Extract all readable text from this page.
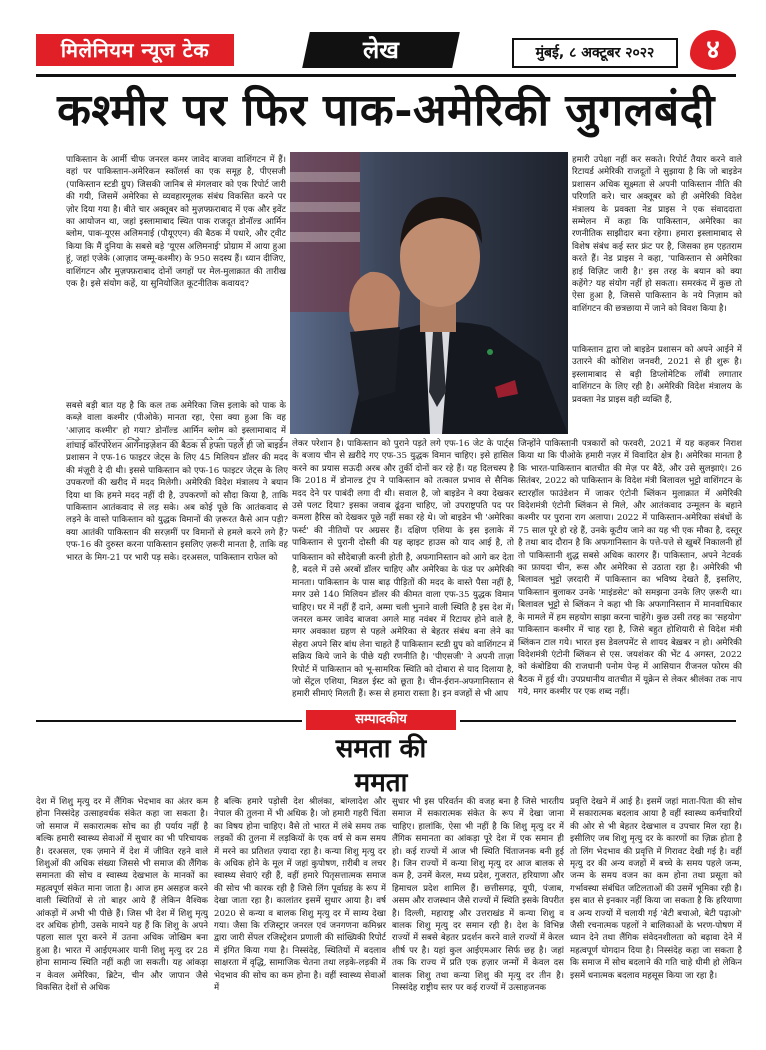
मिलेनियम न्यूज टेक	लेख	मुंबई, ८ अक्टूबर २०२२	४
कश्मीर पर फिर पाक-अमेरिकी जुगलबंदी
पाकिस्तान के आर्मी चीफ जनरल कमर जावेद बाजवा वाशिंगटन में हैं। वहां पर पाकिस्तान-अमेरिकन स्कॉलर्स का एक समूह है, पीएसजी (पाकिस्तान स्टडी ग्रुप) जिसकी जानिब से मंगलवार को एक रिपोर्ट जारी की गयी, जिसमें अमेरिका से व्यवहारमूलक संबंध विकसित करने पर ज़ोर दिया गया है। बीते चार अक्तूबर को मुज़फ्फ़राबाद में एक और इवेंट का आयोजन था, जहां इस्लामाबाद स्थित पाक राजदूत डोनॉल्ड आर्मिन ब्लोम, पाक-यूएस अलिमनाई (पौयूएएन) की बैठक में पधारे, और ट्वीट किया कि मैं दुनिया के सबसे बड़े 'यूएस अलिमनाई' प्रोग्राम में आया हुआ हूं, जहां एजेके (आज़ाद जम्मू-कश्मीर) के 950 सदस्य हैं। ध्यान दीजिए, वाशिंगटन और मुज़फ्फ़राबाद दोनों जगहों पर मेल-मुलाक़ात की तारीख एक है। इसे संयोग कहें, या सुनियोजित कूटनीतिक कवायद?
हमारी उपेक्षा नहीं कर सकते। रिपोर्ट तैयार करने वाले रिटायर्ड अमेरिकी राजदूतों ने सुझाया है कि जो बाइडेन प्रशासन अधिक सूक्ष्मता से अपनी पाकिस्तान नीति की परिणति करे। चार अक्तूबर को ही अमेरिकी विदेश मंत्रालय के प्रवक्ता नेड प्राइस ने एक संवाददाता सम्मेलन में कहा कि पाकिस्तान, अमेरिका का रणनीतिक साझीदार बना रहेगा। हमारा इस्लामाबाद से विशेष संबंध कई स्तर फ्रंट पर है, जिसका हम एहतराम करते हैं। नेड प्राइस ने कहा, 'पाकिस्तान से अमेरिका हाई विज़िट जारी है।' इस तरह के बयान को क्या कहेंगे? यह संयोग नहीं हो सकता। समरकंद में कुछ तो ऐसा हुआ है, जिससे पाकिस्तान के नये निज़ाम को वाशिंगटन की छत्रछाया में जाने को विवश किया है।
पाकिस्तान द्वारा जो बाइडेन प्रशासन को अपने आईने में उतारने की कोशिश जनवरी, 2021 से ही शुरू है। इस्लामाबाद से बड़ी डिप्लोमेटिक लॉबी लगातार वाशिंगटन के लिए रही है। अमेरिकी विदेश मंत्रालय के प्रवक्ता नेड प्राइस वही व्यक्ति हैं,
सबसे बड़ी बात यह है कि कल तक अमेरिका जिस इलाके को पाक के कब्ज़े वाला कश्मीर (पीओके) मानता रहा, ऐसा क्या हुआ कि वह 'आज़ाद कश्मीर' हो गया? डोनॉल्ड आर्मिन ब्लोम को इस्लामाबाद में
शांघाई कॉरपोरेशन आर्गेनाइज़ेशन की बैठक से हफ्ता पहले ही जो बाइडेन प्रशासन ने एफ-16 फाइटर जेट्स के लिए 45 मिलियन डॉलर की मदद की मंज़ूरी दे दी थी। इससे पाकिस्तान को एफ-16 फाइटर जेट्स के लिए उपकरणों की खरीद में मदद मिलेगी। अमेरिकी विदेश मंत्रालय ने बयान दिया था कि हमने मदद नहीं दी है, उपकरणों को सौदा किया है, ताकि पाकिस्तान आतंकवाद से लड़ सके। अब कोई पूछे कि आतंकवाद से लड़ने के वास्ते पाकिस्तान को युद्धक विमानों की ज़रूरत कैसे आन पड़ी? क्या आतंकी पाकिस्तान की सरज़मीं पर विमानों से हमले करने लगे हैं? एफ-16 की दुरुस्त करना पाकिस्तान इसलिए ज़रूरी मानता है, ताकि वह भारत के मिग-21 पर भारी पड़ सके। दरअसल, पाकिस्तान राफेल को
लेकर परेशान है। पाकिस्तान को पुराने पड़ते लगे एफ-16 जेट के पार्ट्स के बजाय चीन से ख़रीदे गए एफ-35 युद्धक विमान चाहिए। इसे हासिल करने का प्रयास सऊदी अरब और तुर्की दोनों कर रहे हैं। यह दिलचस्प है कि 2018 में डोनाल्ड ट्रंप ने पाकिस्तान को तत्काल प्रभाव से सैनिक मदद देने पर पाबंदी लगा दी थी। सवाल है, जो बाइडेन ने क्या देखकर उसे पलट दिया? इसका जवाब ढूंढ़ना चाहिए, जो उपराष्ट्रपति पद पर कमला हैरिस को देखकर पूछे नहीं सका रहे थे। जो बाइडेन भी 'अमेरिका फर्स्ट' की नीतियों पर अग्रसर हैं। दक्षिण एशिया के इस इलाके में पाकिस्तान से पुरानी दोस्ती की यह व्हाइट हाउस को याद आई है, तो
पाकिस्तान को सौदेबाज़ी करनी होती है, अफगानिस्तान को आगे कर देता है, बदले में उसे अरबों डॉलर चाहिए और अमेरिका के फंड पर अमेरिकी मानता। पाकिस्तान के पास बाढ़ पीड़ितों की मदद के वास्ते पैसा नहीं है, मगर उसे 140 मिलियन डॉलर की कीमत वाला एफ-35 युद्धक विमान चाहिए। घर में नहीं हैं दाने, अम्मा चली भुनाने वाली स्थिति है इस देश में। जनरल कमर जावेद बाजवा अगले माह नवंबर में रिटायर होने वाले हैं, मगर अवकाश ग्रहण से पहले अमेरिका से बेहतर संबंध बना लेने का सेहरा अपने सिर बांध लेना चाहते हैं पाकिस्तान स्टडी ग्रुप को वाशिंगटन में सक्रिय किये जाने के पीछे यही रणनीति है। 'पीएसजी' ने अपनी ताज़ा रिपोर्ट में पाकिस्तान को भू-सामरिक स्थिति को दोबारा से याद दिलाया है, जो सेंट्रल एशिया, मिडल ईस्ट को छूता है। चीन-ईरान-अफगानिस्तान से हमारी सीमाएं मिलती हैं। रूस से हमारा रास्ता है। इन वजहों से भी आप
जिन्होंने पाकिस्तानी पत्रकारों को फरवरी, 2021 में यह कहकर निराश किया था कि पीओके हमारी नज़र में विवादित क्षेत्र है। अमेरिका मानता है कि भारत-पाकिस्तान बातचीत की मेज़ पर बैठें, और उसे सुलझाएं। 26 सितंबर, 2022 को पाकिस्तान के विदेश मंत्री बिलावल भुट्टो वाशिंगटन के स्टारहॉल फाउंडेशन में जाकर एंटोनी ब्लिंकन मुलाक़ात में अमेरिकी विदेशमंत्री एंटोनी ब्लिंकन से मिले, और आतंकवाद उन्मूलन के बहाने कश्मीर पर पुराना राग अलापा। 2022 में पाकिस्तान-अमेरिका संबंधों के 75 साल पूरे हो रहे हैं, उनके कूटीय जाने का यह भी एक मौका है, दस्तूर है तथा बाद दौरान है कि अफगानिस्तान के पत्ते-पत्ते से खुबरें निकालनी हों तो पाकिस्तानी शुद्ध सबसे अधिक कारगर हैं। पाकिस्तान, अपने नेटवर्क का फ़ायदा चीन, रूस और अमेरिका से उठाता रहा है। अमेरिकी भी बिलावल भुट्टो ज़रदारी में पाकिस्तान का भविष्य देखते हैं, इसलिए, पाकिस्तान बुलाकर उनके 'माइंडसेट' को समझना उनके लिए ज़रूरी था। बिलावल भुट्टो से ब्लिंकन ने कहा भी कि अफगानिस्तान में मानवाधिकार के मामले में हम सहयोग साझा करना चाहेंगे। कुछ उसी तरह का 'सहयोग' पाकिस्तान कश्मीर में चाह रहा है, जिसे बहुत होशियारी से विदेश मंत्री ब्लिंकन टाल गये। भारत इस डेवलपमेंट से शायद बेख़बर न हो। अमेरिकी विदेशमंत्री एंटोनी ब्लिंकन से एस. जयशंकर की भेंट 4 अगस्त, 2022 को कंबोडिया की राजधानी पनोम पेन्ह में आसियान रीजनल फोरम की बैठक में हुई थी। उपप्रधानीय वातचीत में यूक्रेन से लेकर श्रीलंका तक नाप गये, मगर कश्मीर पर एक शब्द नहीं।
सम्पादकीय
समता की ममता
देश में शिशु मृत्यु दर में लैंगिक भेदभाव का अंतर कम होना निस्संदेह उत्साहवर्धक संकेत कहा जा सकता है। जो समाज में सकारात्मक सोच का ही पर्याय नहीं है बल्कि हमारी स्वास्थ्य सेवाओं में सुधार का भी परिचायक है। दरअसल, एक ज़माने में देश में जीवित रहने वाले शिशुओं की अधिक संख्या जिससे भी समाज की लैंगिक समानता की सोच व स्वास्थ्य देखभाल के मानकों का महत्वपूर्ण संकेत माना जाता है। आज हम असहज करने वाली स्थितियों से तो बाहर आये हैं लेकिन वैश्विक आंकड़ों में अभी भी पीछे हैं। जिस भी देश में शिशु मृत्यु दर अधिक होगी, उसके मायने यह हैं कि शिशु के अपने पहला साल पूरा करने में उतना अधिक जोखिम बना हुआ है। भारत में आईएमआर यानी शिशु मृत्यु दर 28 होना सामान्य स्थिति नहीं कही जा सकती। यह आंकड़ा न केवल अमेरिका, ब्रिटेन, चीन और जापान जैसे विकसित देशों से अधिक
है बल्कि हमारे पड़ोसी देश श्रीलंका, बांग्लादेश और नेपाल की तुलना में भी अधिक है। जो हमारी गहरी चिंता का विषय होना चाहिए। वैसे तो भारत में लंबे समय तक लड़कों की तुलना में लड़कियों के एक वर्ष से कम समय में मरने का प्रतिशत ज़्यादा रहा है। कन्या शिशु मृत्यु दर के अधिक होने के मूल में जहां कुपोषण, ग़रीबी व लचर स्वास्थ्य सेवाएं रही हैं, वहीं हमारे पितृसत्तात्मक समाज की सोच भी कारक रही है जिसे लिंग पूर्वाग्रह के रूप में देखा जाता रहा है। कालांतर इसमें सुधार आया है। वर्ष 2020 से कन्या व बालक शिशु मृत्यु दर में साम्य देखा गया। जैसा कि रजिस्ट्रार जनरल एवं जनगणना कमिश्नर द्वारा जारी सेंपल रजिस्ट्रेशन प्रणाली की सांख्यिकी रिपोर्ट में इंगित किया गया है। निस्संदेह, स्थितियों में बदलाव साक्षरता में वृद्धि, सामाजिक चेतना तथा लड़के-लड़की में भेदभाव की सोच का कम होना है। वहीं स्वास्थ्य सेवाओं में
सुधार भी इस परिवर्तन की वजह बना है जिसे भारतीय समाज में सकारात्मक संकेत के रूप में देखा जाना चाहिए। हालांकि, ऐसा भी नहीं है कि शिशु मृत्यु दर में लैंगिक समानता का आंकड़ा पूरे देश में एक समान ही हो। कई राज्यों में आज भी स्थिति चिंताजनक बनी हुई है। जिन राज्यों में कन्या शिशु मृत्यु दर आज बालक से कम है, उनमें केरल, मध्य प्रदेश, गुजरात, हरियाणा और हिमाचल प्रदेश शामिल हैं। छत्तीसगढ़, यूपी, पंजाब, असम और राजस्थान जैसे राज्यों में स्थिति इसके विपरीत है। दिल्ली, महाराष्ट्र और उत्तराखंड में कन्या शिशु व बालक शिशु मृत्यु दर समान रही है। देश के विभिन्न राज्यों में सबसे बेहतर प्रदर्शन करने वाले राज्यों में केरल शीर्ष पर है। यहां कुल आईएमआर सिर्फ छह है। जहां तक कि राज्य में प्रति एक हज़ार जन्मों में केवल दस बालक शिशु तथा कन्या शिशु की मृत्यु दर तीन है। निस्संदेह राष्ट्रीय स्तर पर कई राज्यों में उत्साहजनक
प्रवृत्ति देखने में आई है। इसमें जहां माता-पिता की सोच में सकारात्मक बदलाव आया है वहीं स्वास्थ्य कर्मचारियों की ओर से भी बेहतर देखभाल व उपचार मिल रहा है। इसीलिए जब शिशु मृत्यु दर के कारणों का ज़िक्र होता है तो लिंग भेदभाव की प्रवृत्ति में गिरावट देखी गई है। वहीं मृत्यु दर की अन्य वजहों में बच्चे के समय पहले जन्म, जन्म के समय वजन का कम होना तथा प्रसूता को गर्भावस्था संबंधित जटिलताओं की उसमें भूमिका रही है। इस बात से इनकार नहीं किया जा सकता है कि हरियाणा व अन्य राज्यों में चलायी गई 'बेटी बचाओ, बेटी पढ़ाओ' जैसी रचनात्मक पहलों ने बालिकाओं के भरण-पोषण में ध्यान देने तथा लैंगिक संवेदनशीलता को बढ़ावा देने में महत्वपूर्ण योगदान दिया है। निस्संदेह कहा जा सकता है कि समाज में सोच बदलाने की गति चाहे धीमी हो लेकिन इसमें धनात्मक बदलाव महसूस किया जा रहा है।
